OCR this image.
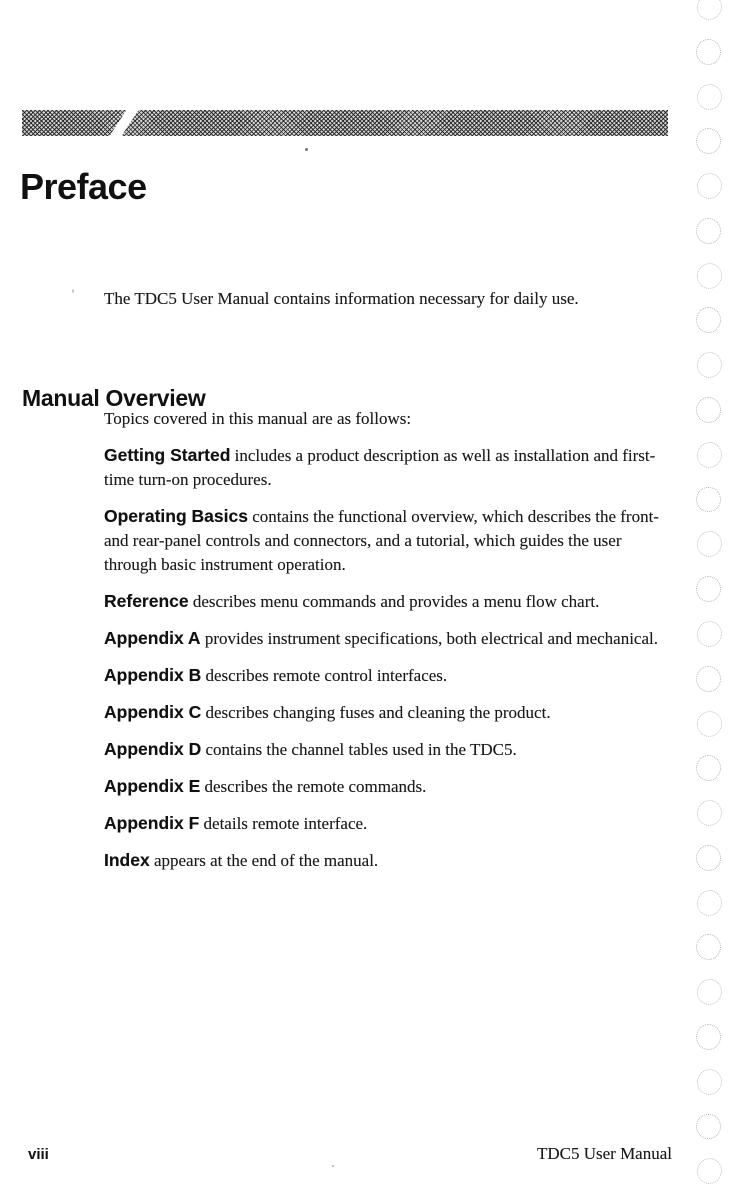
Preface

The TDC5 User Manual contains information necessary for daily use.

Manual Overview

Topics covered in this manual are as follows:

Getting Started includes a product description as well as installation and first-time turn-on procedures.

Operating Basics contains the functional overview, which describes the front- and rear-panel controls and connectors, and a tutorial, which guides the user through basic instrument operation.

Reference describes menu commands and provides a menu flow chart.

Appendix A provides instrument specifications, both electrical and mechanical.

Appendix B describes remote control interfaces.

Appendix C describes changing fuses and cleaning the product.

Appendix D contains the channel tables used in the TDC5.

Appendix E describes the remote commands.

Appendix F details remote interface.

Index appears at the end of the manual.

viii	TDC5 User Manual
